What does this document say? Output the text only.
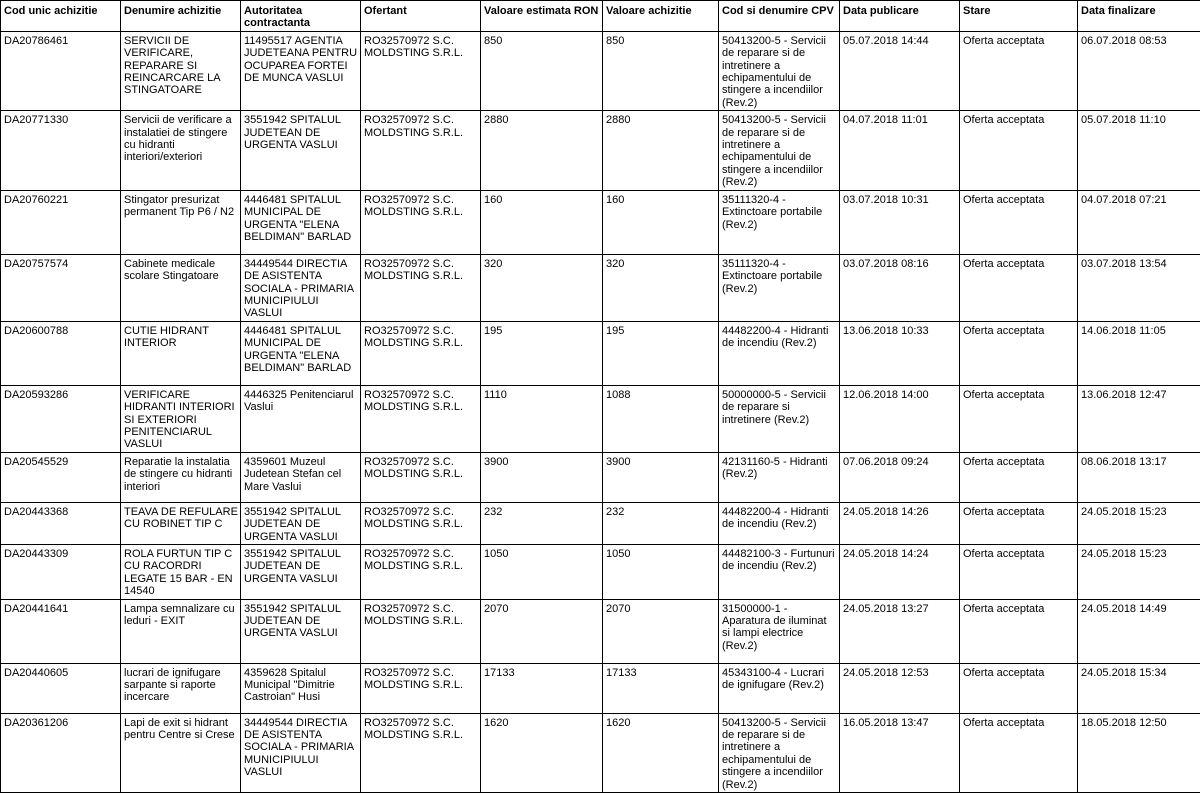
Cod unic achizitie	Denumire achizitie	Autoritatea contractanta	Ofertant	Valoare estimata RON	Valoare achizitie	Cod si denumire CPV	Data publicare	Stare	Data finalizare
DA20786461	SERVICII DE VERIFICARE, REPARARE SI REINCARCARE LA STINGATOARE	11495517 AGENTIA JUDETEANA PENTRU OCUPAREA FORTEI DE MUNCA VASLUI	RO32570972 S.C. MOLDSTING S.R.L.	850	850	50413200-5 - Servicii de reparare si de intretinere a echipamentului de stingere a incendiilor (Rev.2)	05.07.2018 14:44	Oferta acceptata	06.07.2018 08:53
DA20771330	Servicii de verificare a instalatiei de stingere cu hidranti interiori/exteriori	3551942 SPITALUL JUDETEAN DE URGENTA VASLUI	RO32570972 S.C. MOLDSTING S.R.L.	2880	2880	50413200-5 - Servicii de reparare si de intretinere a echipamentului de stingere a incendiilor (Rev.2)	04.07.2018 11:01	Oferta acceptata	05.07.2018 11:10
DA20760221	Stingator presurizat permanent Tip P6 / N2	4446481 SPITALUL MUNICIPAL DE URGENTA "ELENA BELDIMAN" BARLAD	RO32570972 S.C. MOLDSTING S.R.L.	160	160	35111320-4 - Extinctoare portabile (Rev.2)	03.07.2018 10:31	Oferta acceptata	04.07.2018 07:21
DA20757574	Cabinete medicale scolare Stingatoare	34449544 DIRECTIA DE ASISTENTA SOCIALA - PRIMARIA MUNICIPIULUI VASLUI	RO32570972 S.C. MOLDSTING S.R.L.	320	320	35111320-4 - Extinctoare portabile (Rev.2)	03.07.2018 08:16	Oferta acceptata	03.07.2018 13:54
DA20600788	CUTIE HIDRANT INTERIOR	4446481 SPITALUL MUNICIPAL DE URGENTA "ELENA BELDIMAN" BARLAD	RO32570972 S.C. MOLDSTING S.R.L.	195	195	44482200-4 - Hidranti de incendiu (Rev.2)	13.06.2018 10:33	Oferta acceptata	14.06.2018 11:05
DA20593286	VERIFICARE HIDRANTI INTERIORI SI EXTERIORI PENITENCIARUL VASLUI	4446325 Penitenciarul Vaslui	RO32570972 S.C. MOLDSTING S.R.L.	1110	1088	50000000-5 - Servicii de reparare si intretinere (Rev.2)	12.06.2018 14:00	Oferta acceptata	13.06.2018 12:47
DA20545529	Reparatie la instalatia de stingere cu hidranti interiori	4359601 Muzeul Judetean Stefan cel Mare Vaslui	RO32570972 S.C. MOLDSTING S.R.L.	3900	3900	42131160-5 - Hidranti (Rev.2)	07.06.2018 09:24	Oferta acceptata	08.06.2018 13:17
DA20443368	TEAVA DE REFULARE CU ROBINET TIP C	3551942 SPITALUL JUDETEAN DE URGENTA VASLUI	RO32570972 S.C. MOLDSTING S.R.L.	232	232	44482200-4 - Hidranti de incendiu (Rev.2)	24.05.2018 14:26	Oferta acceptata	24.05.2018 15:23
DA20443309	ROLA FURTUN TIP C CU RACORDRI LEGATE 15 BAR - EN 14540	3551942 SPITALUL JUDETEAN DE URGENTA VASLUI	RO32570972 S.C. MOLDSTING S.R.L.	1050	1050	44482100-3 - Furtunuri de incendiu (Rev.2)	24.05.2018 14:24	Oferta acceptata	24.05.2018 15:23
DA20441641	Lampa semnalizare cu leduri - EXIT	3551942 SPITALUL JUDETEAN DE URGENTA VASLUI	RO32570972 S.C. MOLDSTING S.R.L.	2070	2070	31500000-1 - Aparatura de iluminat si lampi electrice (Rev.2)	24.05.2018 13:27	Oferta acceptata	24.05.2018 14:49
DA20440605	lucrari de ignifugare sarpante si raporte incercare	4359628 Spitalul Municipal "Dimitrie Castroian" Husi	RO32570972 S.C. MOLDSTING S.R.L.	17133	17133	45343100-4 - Lucrari de ignifugare (Rev.2)	24.05.2018 12:53	Oferta acceptata	24.05.2018 15:34
DA20361206	Lapi de exit si hidrant pentru Centre si Crese	34449544 DIRECTIA DE ASISTENTA SOCIALA - PRIMARIA MUNICIPIULUI VASLUI	RO32570972 S.C. MOLDSTING S.R.L.	1620	1620	50413200-5 - Servicii de reparare si de intretinere a echipamentului de stingere a incendiilor (Rev.2)	16.05.2018 13:47	Oferta acceptata	18.05.2018 12:50
